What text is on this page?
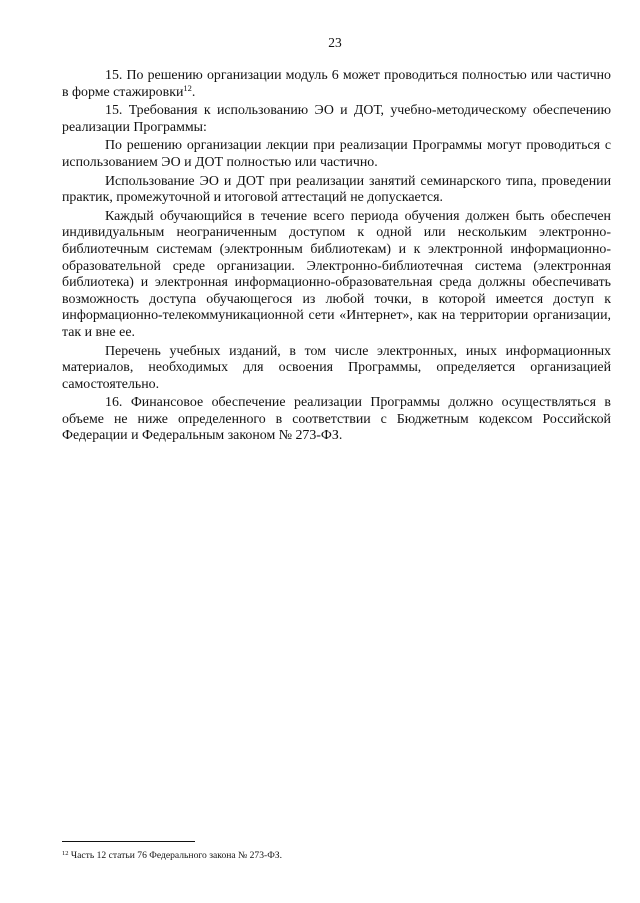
23

15. По решению организации модуль 6 может проводиться полностью или частично в форме стажировки$^{12}$.

15. Требования к использованию ЭО и ДОТ, учебно-методическому обеспечению реализации Программы:

По решению организации лекции при реализации Программы могут проводиться с использованием ЭО и ДОТ полностью или частично.

Использование ЭО и ДОТ при реализации занятий семинарского типа, проведении практик, промежуточной и итоговой аттестаций не допускается.

Каждый обучающийся в течение всего периода обучения должен быть обеспечен индивидуальным неограниченным доступом к одной или нескольким электронно-библиотечным системам (электронным библиотекам) и к электронной информационно-образовательной среде организации. Электронно-библиотечная система (электронная библиотека) и электронная информационно-образовательная среда должны обеспечивать возможность доступа обучающегося из любой точки, в которой имеется доступ к информационно-телекоммуникационной сети «Интернет», как на территории организации, так и вне ее.

Перечень учебных изданий, в том числе электронных, иных информационных материалов, необходимых для освоения Программы, определяется организацией самостоятельно.

16. Финансовое обеспечение реализации Программы должно осуществляться в объеме не ниже определенного в соответствии с Бюджетным кодексом Российской Федерации и Федеральным законом № 273-ФЗ.

$^{12}$ Часть 12 статьи 76 Федерального закона № 273-ФЗ.
